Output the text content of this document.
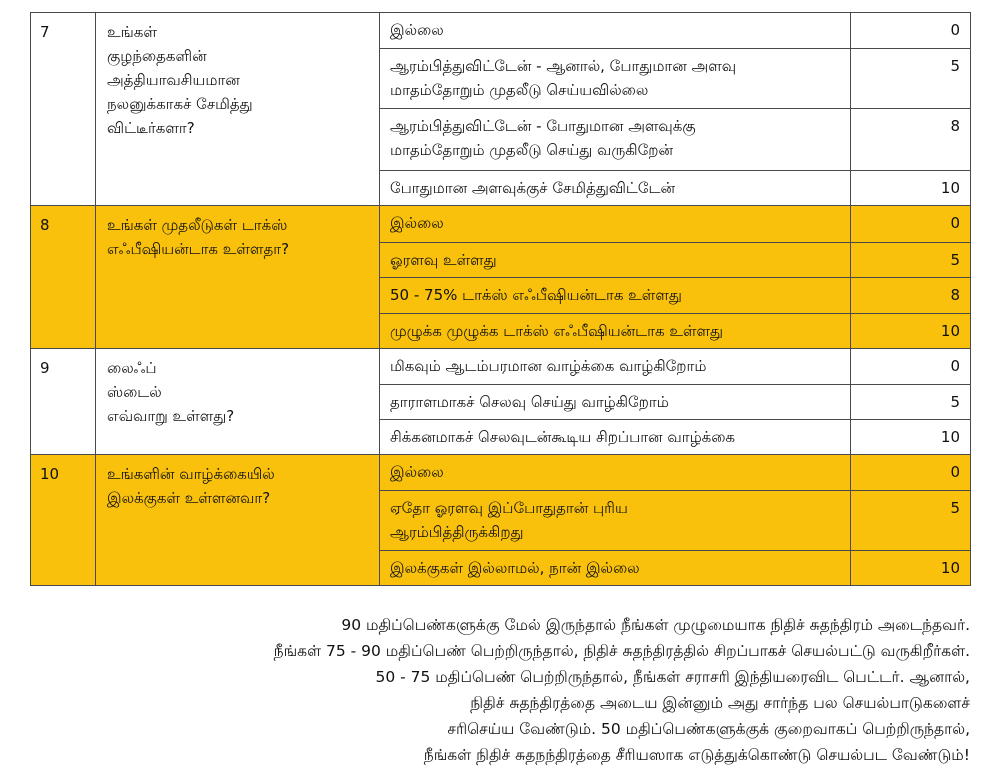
7	உங்கள்
குழந்தைகளின்
அத்தியாவசியமான
நலனுக்காகச் சேமித்து
விட்டீர்களா?	இல்லை	0

		ஆரம்பித்துவிட்டேன் - ஆனால், போதுமான அளவு
மாதம்தோறும் முதலீடு செய்யவில்லை	5

		ஆரம்பித்துவிட்டேன் - போதுமான அளவுக்கு
மாதம்தோறும் முதலீடு செய்து வருகிறேன்	8

		போதுமான அளவுக்குச் சேமித்துவிட்டேன்	10
8	உங்கள் முதலீடுகள் டாக்ஸ்
எஃபீஷியன்டாக உள்ளதா?	இல்லை	0

		ஓரளவு உள்ளது	5

		50 - 75% டாக்ஸ் எஃபீஷியன்டாக உள்ளது	8

		முழுக்க முழுக்க டாக்ஸ் எஃபீஷியன்டாக உள்ளது	10
9	லைஃப்
ஸ்டைல்
எவ்வாறு உள்ளது?	மிகவும் ஆடம்பரமான வாழ்க்கை வாழ்கிறோம்	0

		தாராளமாகச் செலவு செய்து வாழ்கிறோம்	5

		சிக்கனமாகச் செலவுடன்கூடிய சிறப்பான வாழ்க்கை	10
10	உங்களின் வாழ்க்கையில்
இலக்குகள் உள்ளனவா?	இல்லை	0

		ஏதோ ஓரளவு இப்போதுதான் புரிய
ஆரம்பித்திருக்கிறது	5

		இலக்குகள் இல்லாமல், நான் இல்லை	10
90 மதிப்பெண்களுக்கு மேல் இருந்தால் நீங்கள் முழுமையாக நிதிச் சுதந்திரம் அடைந்தவர்.
நீங்கள் 75 - 90 மதிப்பெண் பெற்றிருந்தால், நிதிச் சுதந்திரத்தில் சிறப்பாகச் செயல்பட்டு வருகிறீர்கள்.
50 - 75 மதிப்பெண் பெற்றிருந்தால், நீங்கள் சராசரி இந்தியரைவிட பெட்டர். ஆனால்,
நிதிச் சுதந்திரத்தை அடைய இன்னும் அது சார்ந்த பல செயல்பாடுகளைச்
சரிசெய்ய வேண்டும். 50 மதிப்பெண்களுக்குக் குறைவாகப் பெற்றிருந்தால்,
நீங்கள் நிதிச் சுதநந்திரத்தை சீரியஸாக எடுத்துக்கொண்டு செயல்பட வேண்டும்!
